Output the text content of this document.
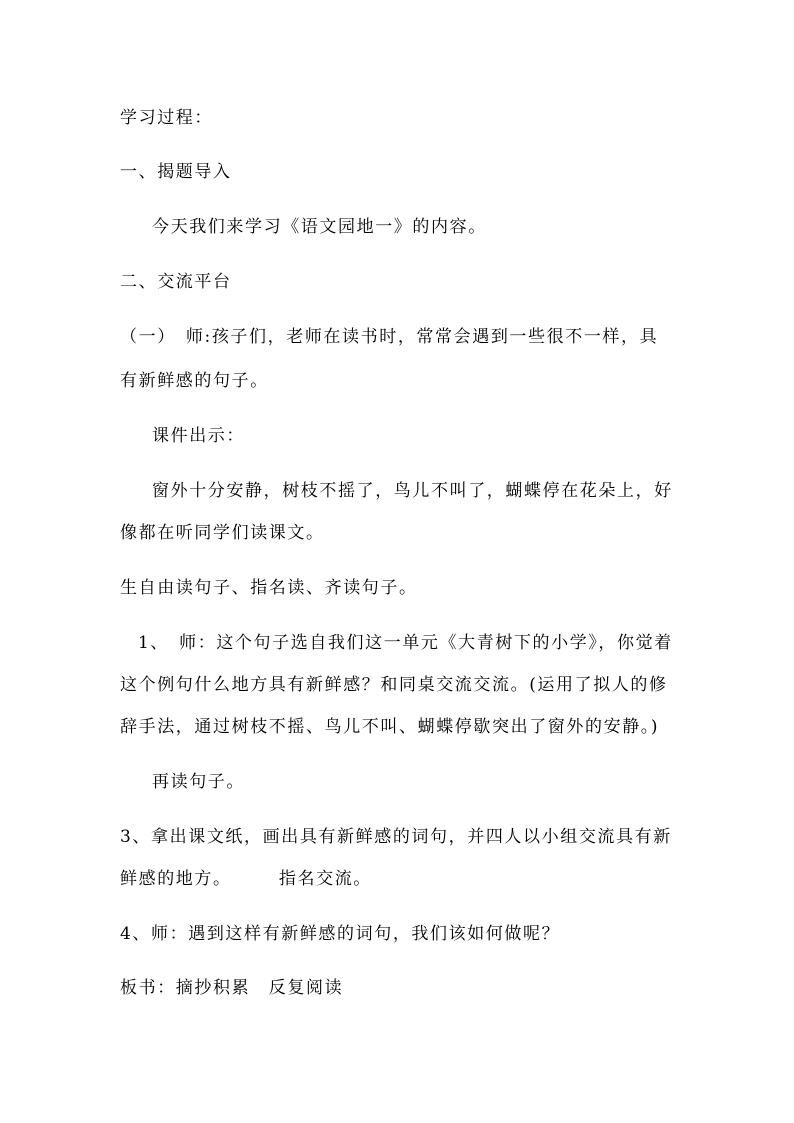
学习过程：
一、揭题导入
今天我们来学习《语文园地一》的内容。
二、交流平台
（一）　师:孩子们，老师在读书时，常常会遇到一些很不一样，具
有新鲜感的句子。
课件出示：
窗外十分安静，树枝不摇了，鸟儿不叫了，蝴蝶停在花朵上，好
像都在听同学们读课文。
生自由读句子、指名读、齐读句子。
1、　师：这个句子选自我们这一单元《大青树下的小学》，你觉着
这个例句什么地方具有新鲜感？和同桌交流交流。(运用了拟人的修
辞手法，通过树枝不摇、鸟儿不叫、蝴蝶停歇突出了窗外的安静。)
再读句子。
3、拿出课文纸，画出具有新鲜感的词句，并四人以小组交流具有新
鲜感的地方。　　　指名交流。
4、师：遇到这样有新鲜感的词句，我们该如何做呢？
板书：摘抄积累　反复阅读
